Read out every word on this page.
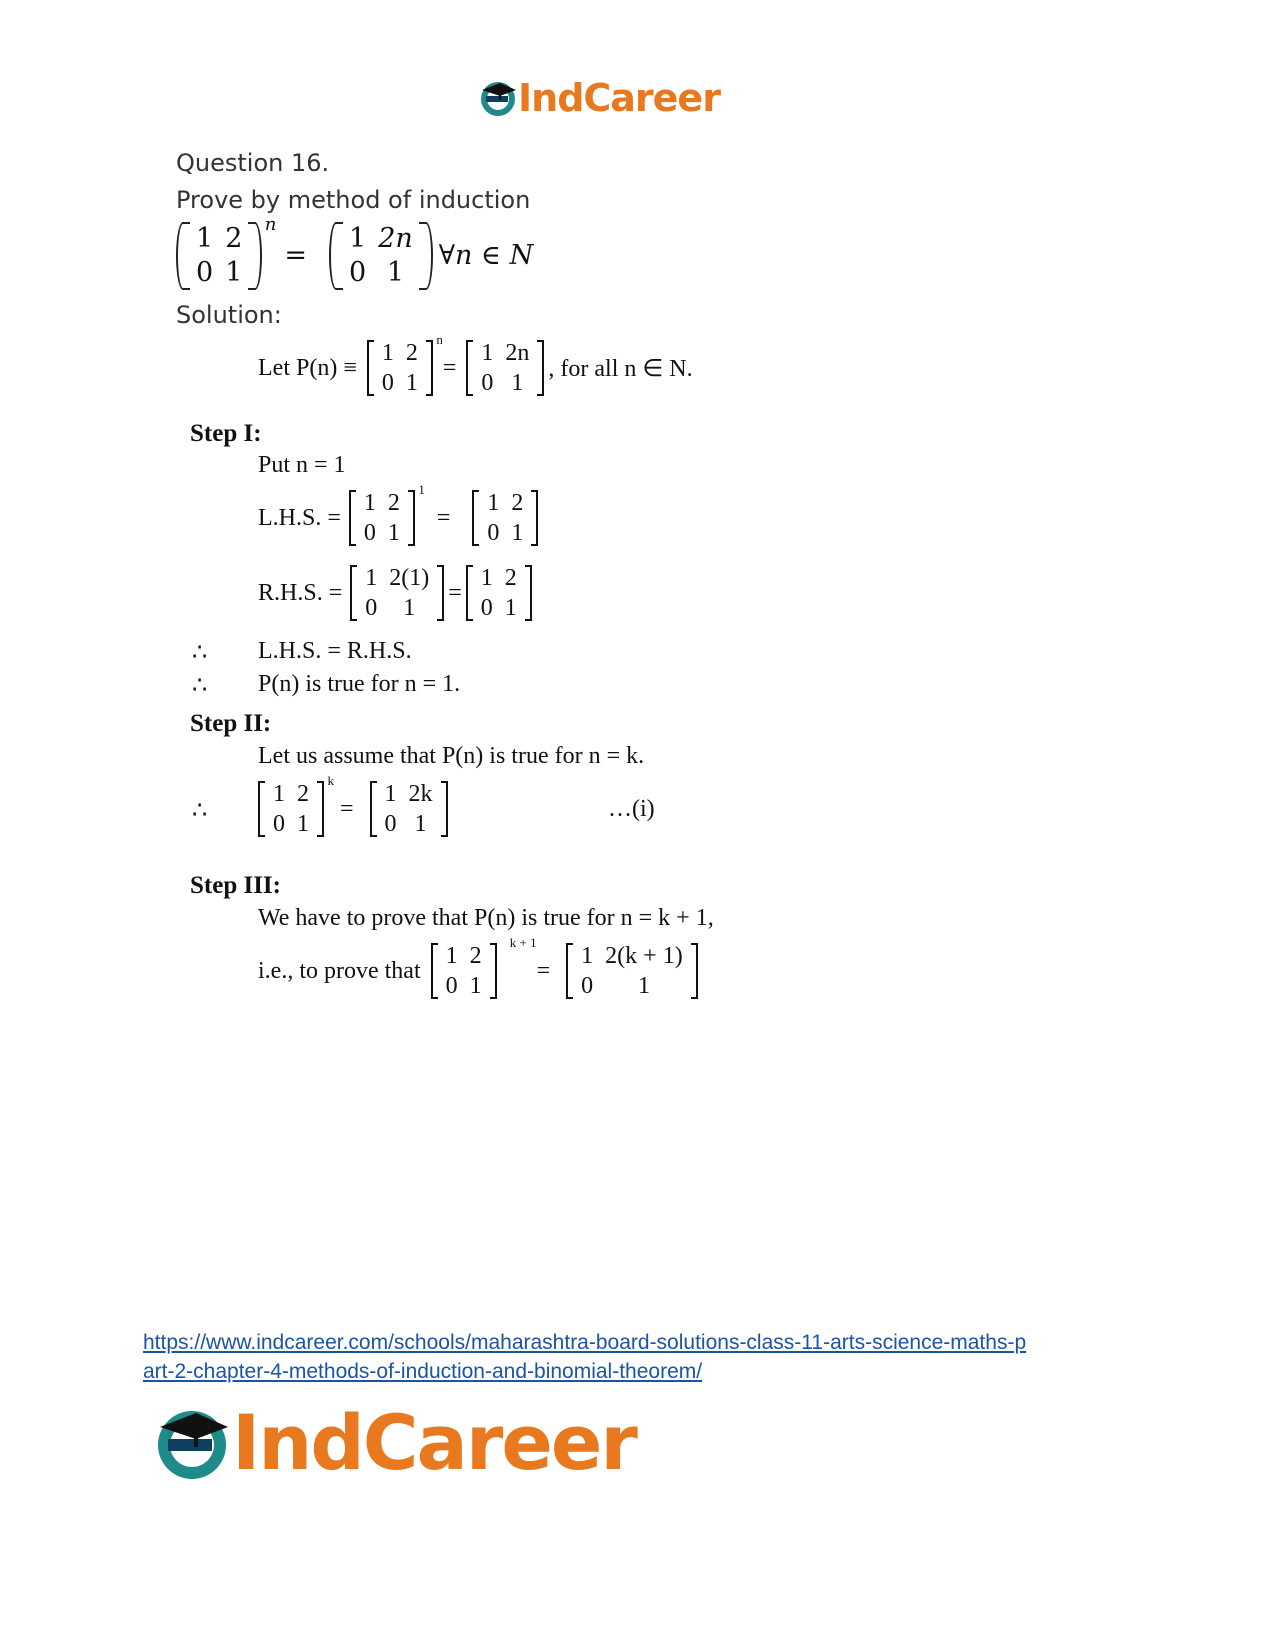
IndCareer
Question 16.
Prove by method of induction
1	2
0	1
n
=
1	2n
0	1
∀n ∈ N
Solution:
Let P(n) ≡
1	2
0	1
n
=
1	2n
0	1
, for all n ∈ N.
Step I:
Put n = 1
L.H.S. =
1	2
0	1
1
=
1	2
0	1
R.H.S. =
1	2(1)
0	1
=
1	2
0	1
∴ L.H.S. = R.H.S.
∴ P(n) is true for n = 1.
Step II:
Let us assume that P(n) is true for n = k.
∴
1	2
0	1
k
=
1	2k
0	1
…(i)
Step III:
We have to prove that P(n) is true for n = k + 1,
i.e., to prove that
1	2
0	1
k + 1
=
1	2(k + 1)
0	1
https://www.indcareer.com/schools/maharashtra-board-solutions-class-11-arts-science-maths-p
art-2-chapter-4-methods-of-induction-and-binomial-theorem/
IndCareer
